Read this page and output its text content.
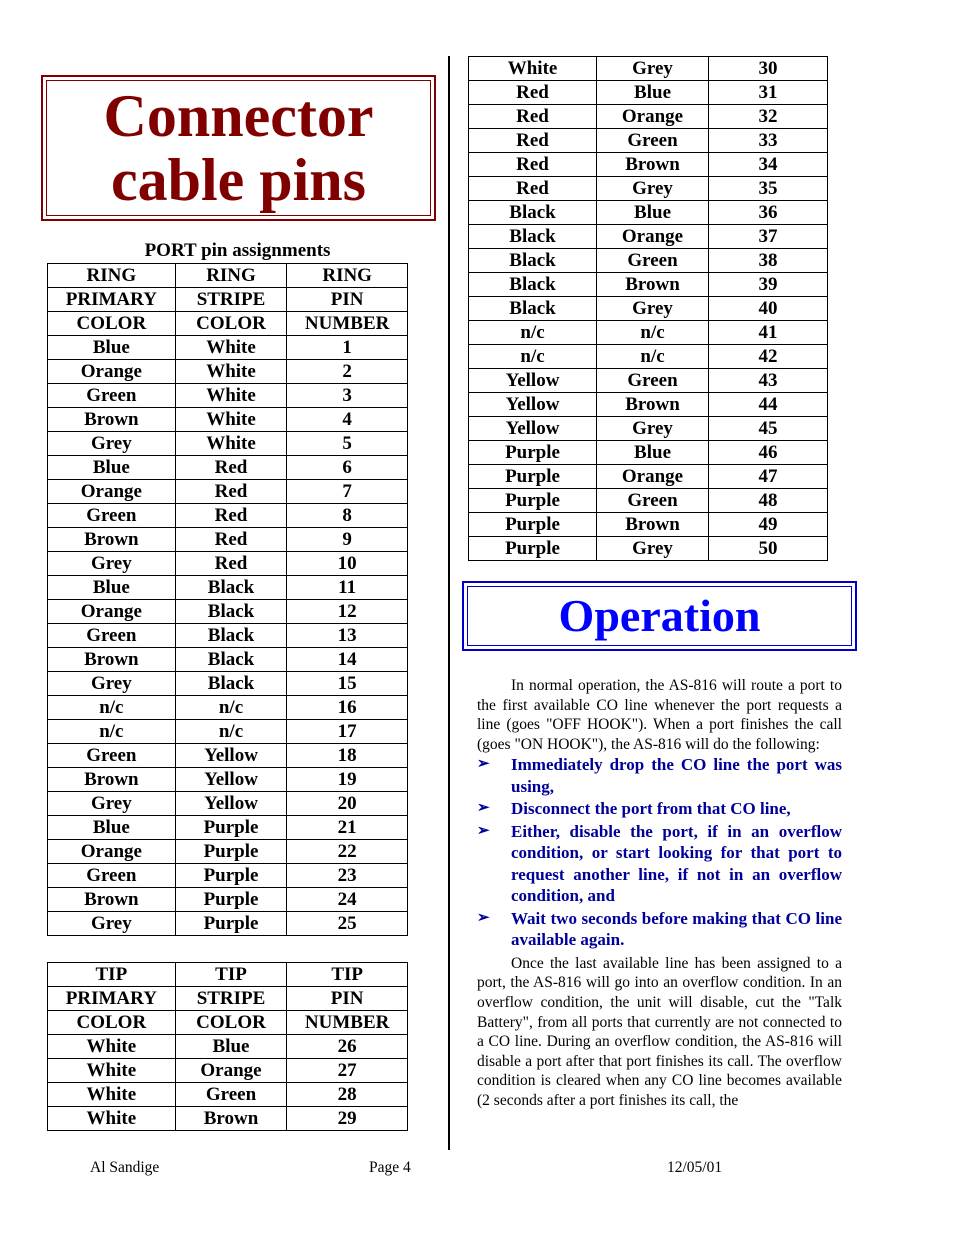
Connector cable pins
PORT pin assignments
RING	RING	RING
PRIMARY	STRIPE	PIN
COLOR	COLOR	NUMBER
Blue	White	1
Orange	White	2
Green	White	3
Brown	White	4
Grey	White	5
Blue	Red	6
Orange	Red	7
Green	Red	8
Brown	Red	9
Grey	Red	10
Blue	Black	11
Orange	Black	12
Green	Black	13
Brown	Black	14
Grey	Black	15
n/c	n/c	16
n/c	n/c	17
Green	Yellow	18
Brown	Yellow	19
Grey	Yellow	20
Blue	Purple	21
Orange	Purple	22
Green	Purple	23
Brown	Purple	24
Grey	Purple	25
TIP	TIP	TIP
PRIMARY	STRIPE	PIN
COLOR	COLOR	NUMBER
White	Blue	26
White	Orange	27
White	Green	28
White	Brown	29
White	Grey	30
Red	Blue	31
Red	Orange	32
Red	Green	33
Red	Brown	34
Red	Grey	35
Black	Blue	36
Black	Orange	37
Black	Green	38
Black	Brown	39
Black	Grey	40
n/c	n/c	41
n/c	n/c	42
Yellow	Green	43
Yellow	Brown	44
Yellow	Grey	45
Purple	Blue	46
Purple	Orange	47
Purple	Green	48
Purple	Brown	49
Purple	Grey	50
Operation

In normal operation, the AS-816 will route a port to the first available CO line whenever the port requests a line (goes "OFF HOOK"). When a port finishes the call (goes "ON HOOK"), the AS-816 will do the following:

➢ Immediately drop the CO line the port was using,
➢ Disconnect the port from that CO line,
➢ Either, disable the port, if in an overflow condition, or start looking for that port to request another line, if not in an overflow condition, and
➢ Wait two seconds before making that CO line available again.

Once the last available line has been assigned to a port, the AS-816 will go into an overflow condition. In an overflow condition, the unit will disable, cut the "Talk Battery", from all ports that currently are not connected to a CO line. During an overflow condition, the AS-816 will disable a port after that port finishes its call. The overflow condition is cleared when any CO line becomes available (2 seconds after a port finishes its call, the

Al Sandige	Page 4	12/05/01
